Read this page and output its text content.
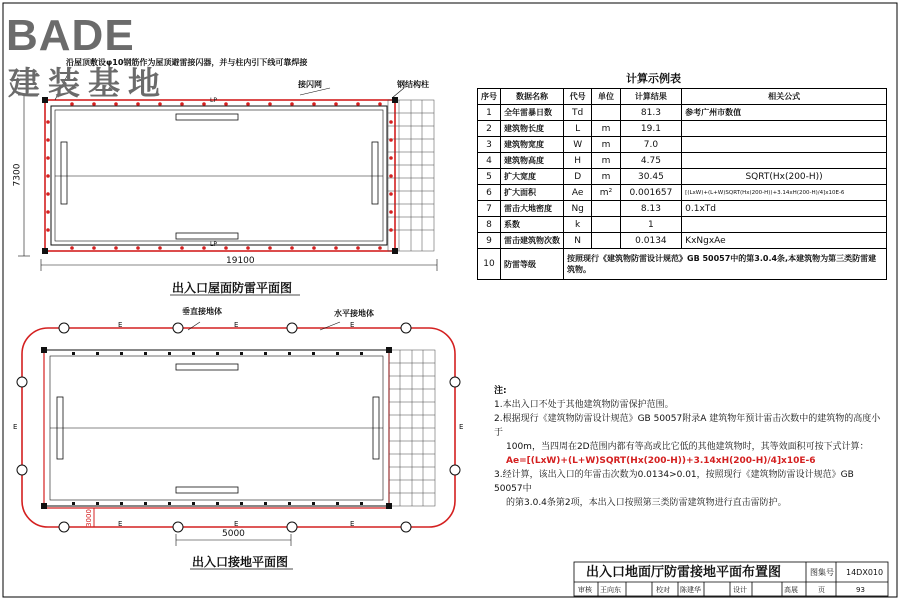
BADE
建装基地
沿屋顶敷设φ10钢筋作为屋顶避雷接闪器，并与柱内引下线可靠焊接
接闪网	钢结构柱
LP
LP
19100
7300
出入口屋面防雷平面图
垂直接地体	水平接地体
E	E	E
E	E	E
E	E
5000
3000
出入口接地平面图
计算示例表
序号	数据名称	代号	单位	计算结果	相关公式
1	全年雷暴日数	Td		81.3	参考广州市数值
2	建筑物长度	L	m	19.1	
3	建筑物宽度	W	m	7.0	
4	建筑物高度	H	m	4.75	
5	扩大宽度	D	m	30.45	SQRT(Hx(200-H))
6	扩大面积	Ae	m²	0.001657	[(LxW)+(L+W)SQRT(Hx(200-H))+3.14xH(200-H)/4]x10E-6
7	雷击大地密度	Ng		8.13	0.1xTd
8	系数	k		1	
9	雷击建筑物次数	N		0.0134	KxNgxAe
10	防雷等级	按照现行《建筑物防雷设计规范》GB 50057中的第3.0.4条,本建筑物为第三类防雷建筑物。			
注:
1.本出入口不处于其他建筑物防雷保护范围。
2.根据现行《建筑物防雷设计规范》GB 50057附录A 建筑物年预计雷击次数中的建筑物的高度小于
100m，当四周在2D范围内都有等高或比它低的其他建筑物时，其等效面积可按下式计算：
Ae=[(LxW)+(L+W)SQRT(Hx(200-H))+3.14xH(200-H)/4]x10E-6
3.经计算，该出入口的年雷击次数为0.0134>0.01，按照现行《建筑物防雷设计规范》GB 50057中
的第3.0.4条第2项，本出入口按照第三类防雷建筑物进行直击雷防护。
出入口地面厅防雷接地平面布置图	图集号 14DX010
审核 王向东	校对 陈建华	设计	高展	页	93
